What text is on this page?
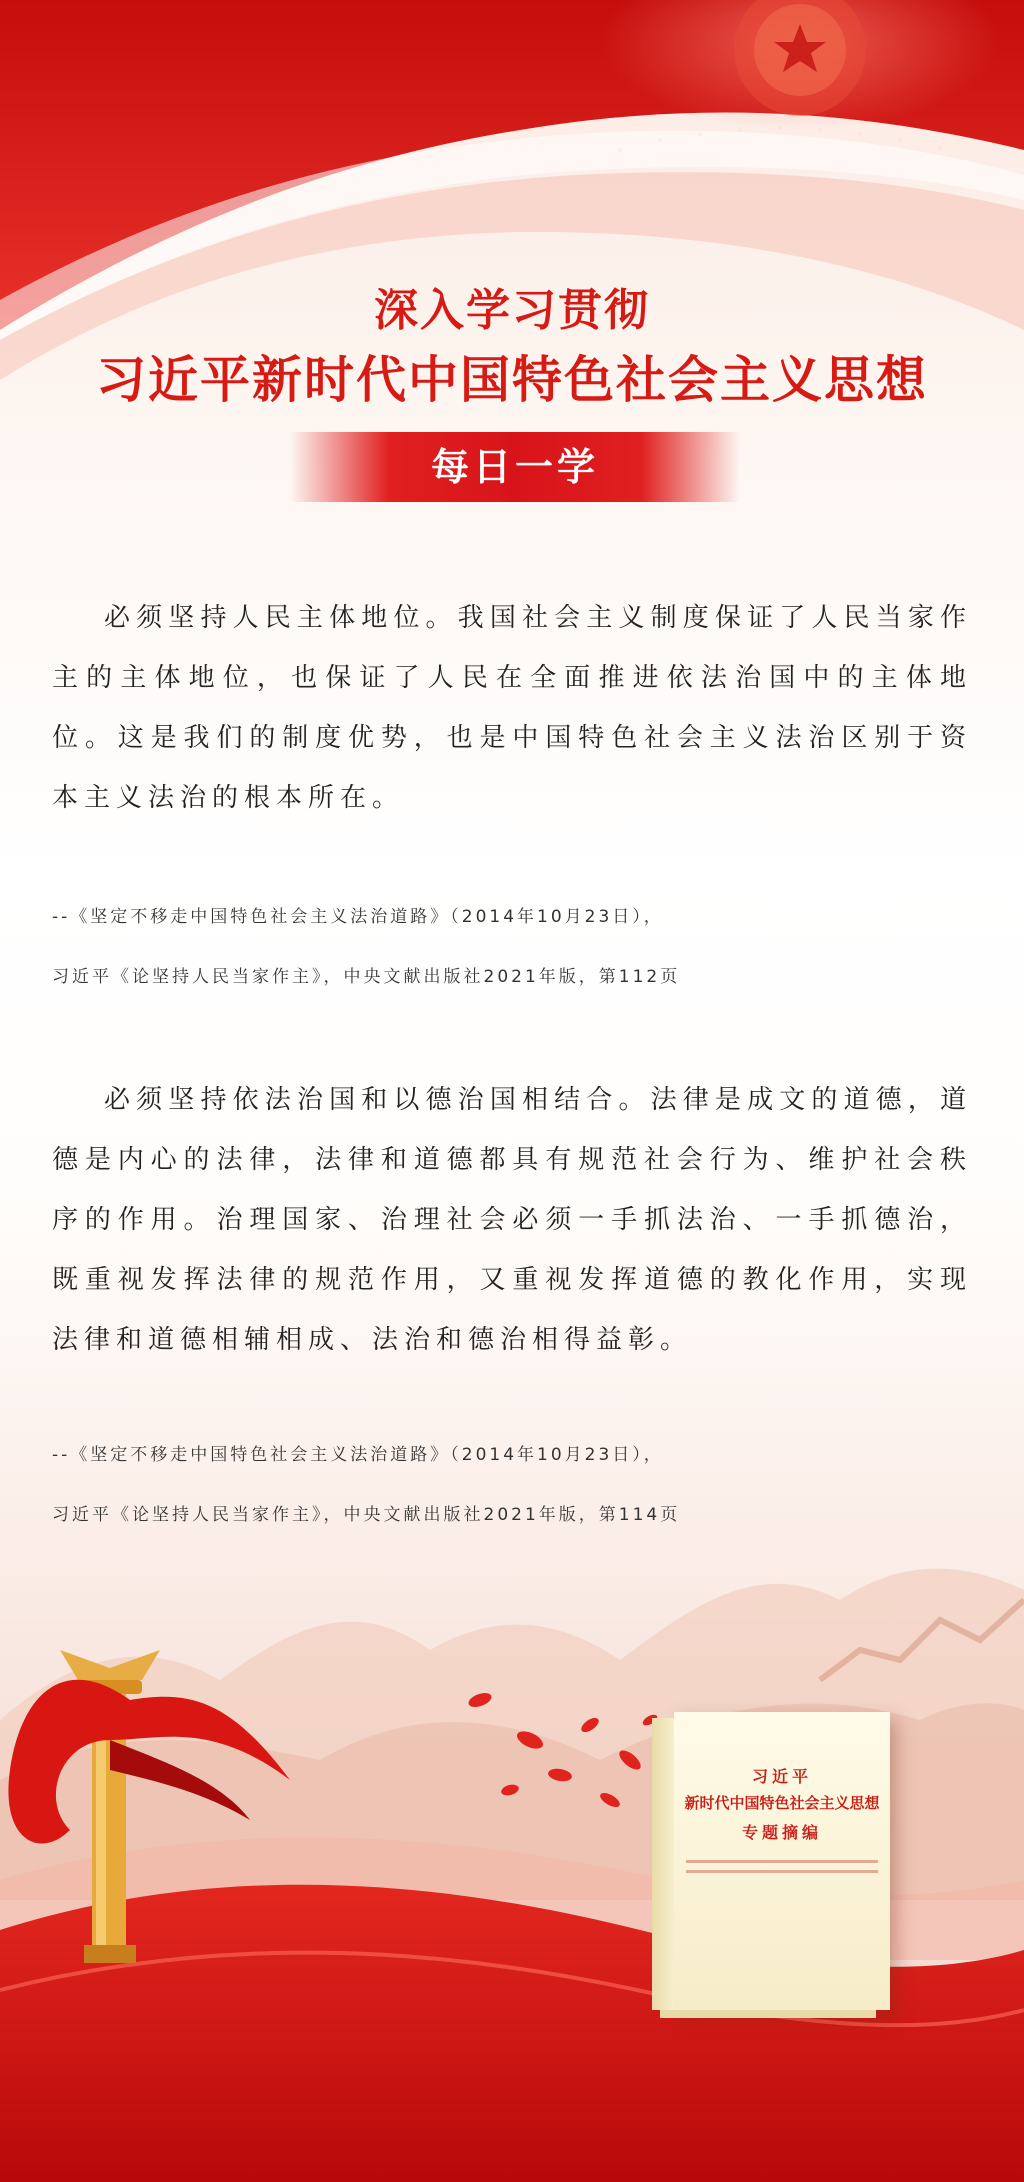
深入学习贯彻
习近平新时代中国特色社会主义思想
每日一学

必须坚持人民主体地位。我国社会主义制度保证了人民当家作主的主体地位，也保证了人民在全面推进依法治国中的主体地位。这是我们的制度优势，也是中国特色社会主义法治区别于资本主义法治的根本所在。

--《坚定不移走中国特色社会主义法治道路》（2014年10月23日），
习近平《论坚持人民当家作主》，中央文献出版社2021年版，第112页

必须坚持依法治国和以德治国相结合。法律是成文的道德，道德是内心的法律，法律和道德都具有规范社会行为、维护社会秩序的作用。治理国家、治理社会必须一手抓法治、一手抓德治，既重视发挥法律的规范作用，又重视发挥道德的教化作用，实现法律和道德相辅相成、法治和德治相得益彰。

--《坚定不移走中国特色社会主义法治道路》（2014年10月23日），
习近平《论坚持人民当家作主》，中央文献出版社2021年版，第114页
习近平
新时代中国特色社会主义思想
专题摘编
